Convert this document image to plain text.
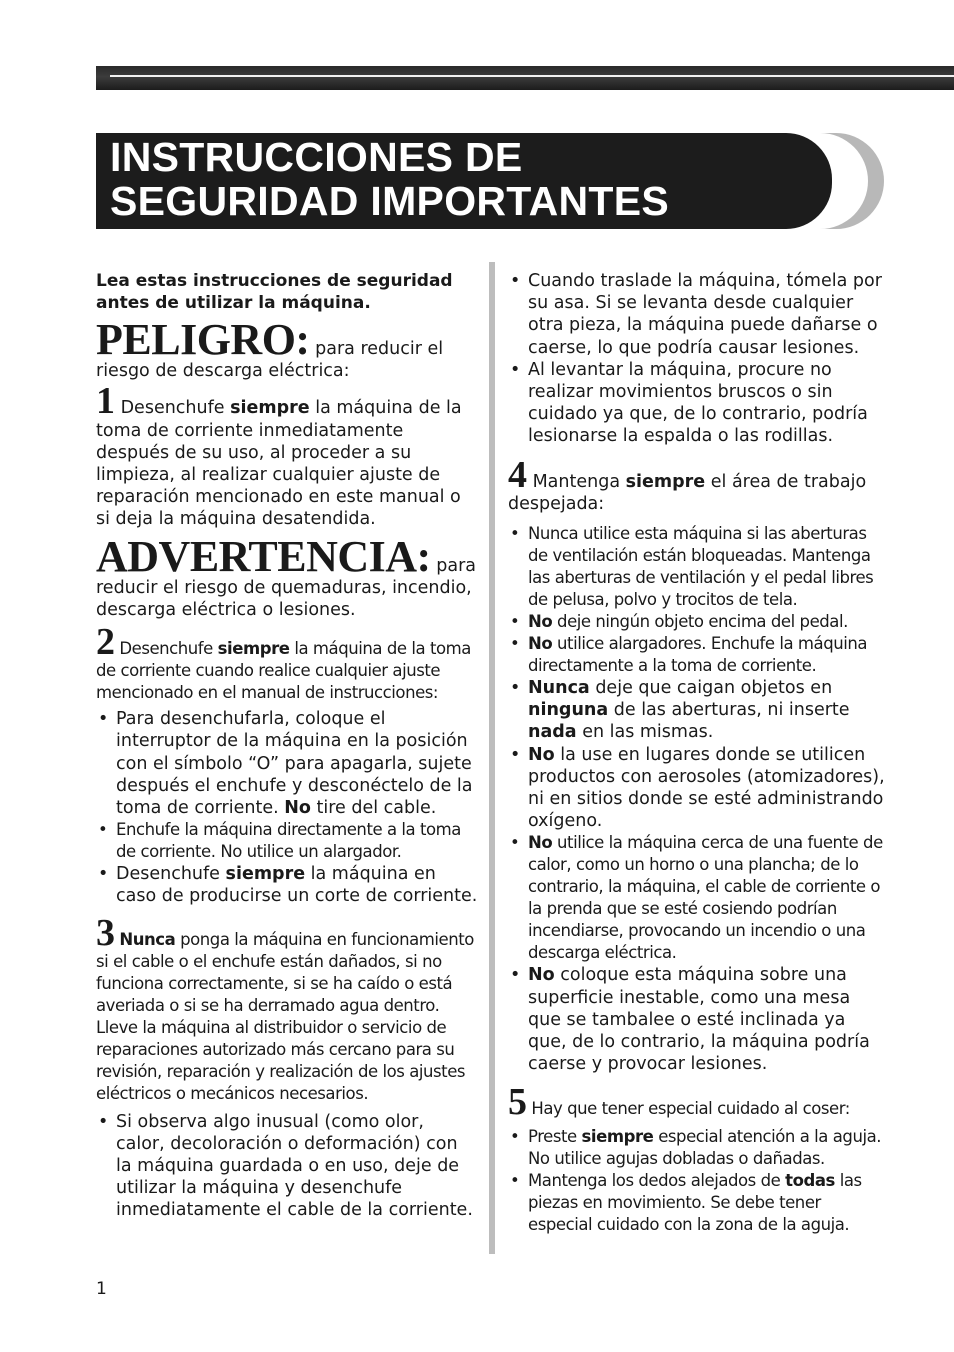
INSTRUCCIONES DE
SEGURIDAD IMPORTANTES

Lea estas instrucciones de seguridad antes de utilizar la máquina.

PELIGRO: para reducir el riesgo de descarga eléctrica:

1 Desenchufe siempre la máquina de la toma de corriente inmediatamente después de su uso, al proceder a su limpieza, al realizar cualquier ajuste de reparación mencionado en este manual o si deja la máquina desatendida.

ADVERTENCIA: para reducir el riesgo de quemaduras, incendio, descarga eléctrica o lesiones.

2 Desenchufe siempre la máquina de la toma de corriente cuando realice cualquier ajuste mencionado en el manual de instrucciones:

• Para desenchufarla, coloque el interruptor de la máquina en la posición con el símbolo “O” para apagarla, sujete después el enchufe y desconéctelo de la toma de corriente. No tire del cable.
• Enchufe la máquina directamente a la toma de corriente. No utilice un alargador.
• Desenchufe siempre la máquina en caso de producirse un corte de corriente.

3 Nunca ponga la máquina en funcionamiento si el cable o el enchufe están dañados, si no funciona correctamente, si se ha caído o está averiada o si se ha derramado agua dentro. Lleve la máquina al distribuidor o servicio de reparaciones autorizado más cercano para su revisión, reparación y realización de los ajustes eléctricos o mecánicos necesarios.

• Si observa algo inusual (como olor, calor, decoloración o deformación) con la máquina guardada o en uso, deje de utilizar la máquina y desenchufe inmediatamente el cable de la corriente.
• Cuando traslade la máquina, tómela por su asa. Si se levanta desde cualquier otra pieza, la máquina puede dañarse o caerse, lo que podría causar lesiones.
• Al levantar la máquina, procure no realizar movimientos bruscos o sin cuidado ya que, de lo contrario, podría lesionarse la espalda o las rodillas.

4 Mantenga siempre el área de trabajo despejada:

• Nunca utilice esta máquina si las aberturas de ventilación están bloqueadas. Mantenga las aberturas de ventilación y el pedal libres de pelusa, polvo y trocitos de tela.
• No deje ningún objeto encima del pedal.
• No utilice alargadores. Enchufe la máquina directamente a la toma de corriente.
• Nunca deje que caigan objetos en ninguna de las aberturas, ni inserte nada en las mismas.
• No la use en lugares donde se utilicen productos con aerosoles (atomizadores), ni en sitios donde se esté administrando oxígeno.
• No utilice la máquina cerca de una fuente de calor, como un horno o una plancha; de lo contrario, la máquina, el cable de corriente o la prenda que se esté cosiendo podrían incendiarse, provocando un incendio o una descarga eléctrica.
• No coloque esta máquina sobre una superficie inestable, como una mesa que se tambalee o esté inclinada ya que, de lo contrario, la máquina podría caerse y provocar lesiones.

5 Hay que tener especial cuidado al coser:

• Preste siempre especial atención a la aguja. No utilice agujas dobladas o dañadas.
• Mantenga los dedos alejados de todas las piezas en movimiento. Se debe tener especial cuidado con la zona de la aguja.
1
